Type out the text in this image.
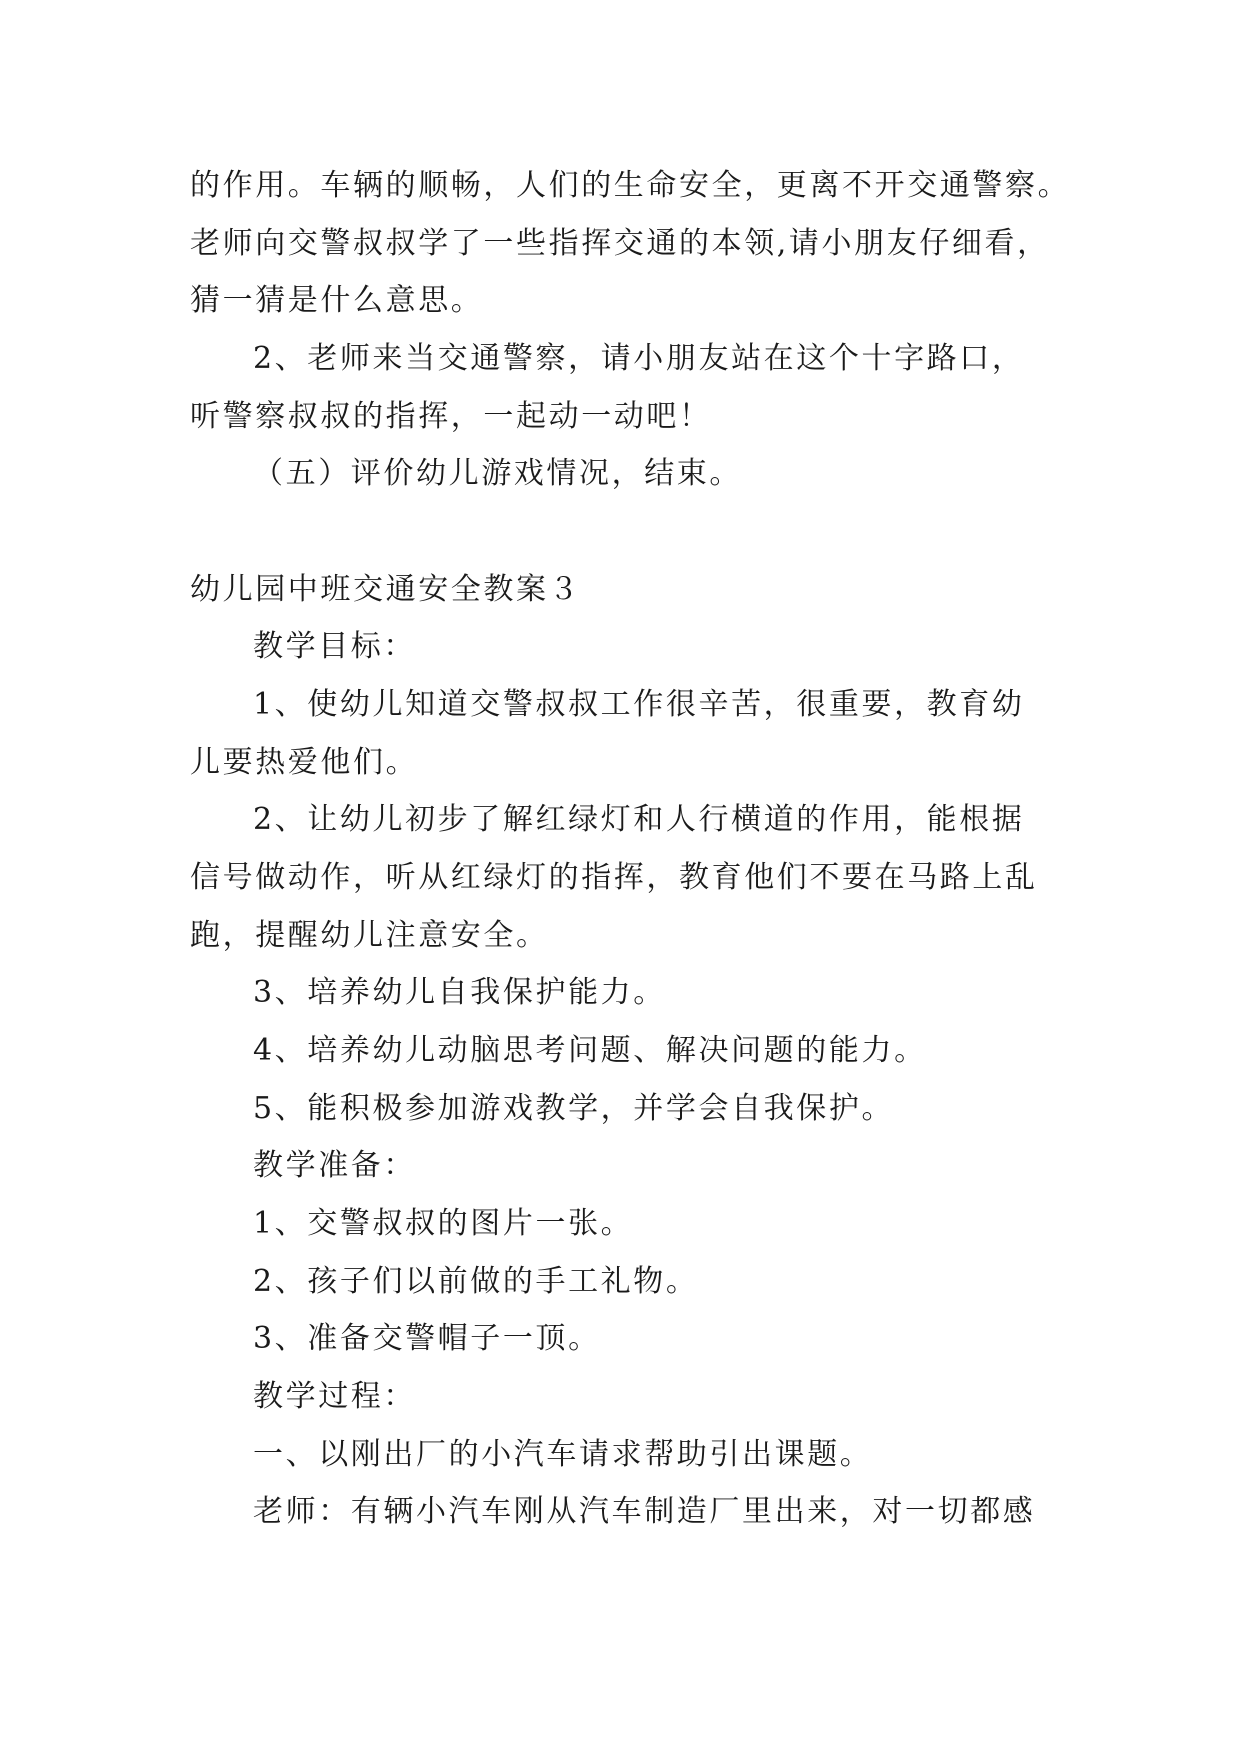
的作用。车辆的顺畅，人们的生命安全，更离不开交通警察。

老师向交警叔叔学了一些指挥交通的本领,请小朋友仔细看，

猜一猜是什么意思。

2、老师来当交通警察，请小朋友站在这个十字路口，

听警察叔叔的指挥，一起动一动吧！

（五）评价幼儿游戏情况，结束。

幼儿园中班交通安全教案３

教学目标：

1、使幼儿知道交警叔叔工作很辛苦，很重要，教育幼

儿要热爱他们。

2、让幼儿初步了解红绿灯和人行横道的作用，能根据

信号做动作，听从红绿灯的指挥，教育他们不要在马路上乱

跑，提醒幼儿注意安全。

3、培养幼儿自我保护能力。

4、培养幼儿动脑思考问题、解决问题的能力。

5、能积极参加游戏教学，并学会自我保护。

教学准备：

1、交警叔叔的图片一张。

2、孩子们以前做的手工礼物。

3、准备交警帽子一顶。

教学过程：

一、以刚出厂的小汽车请求帮助引出课题。

老师：有辆小汽车刚从汽车制造厂里出来，对一切都感
